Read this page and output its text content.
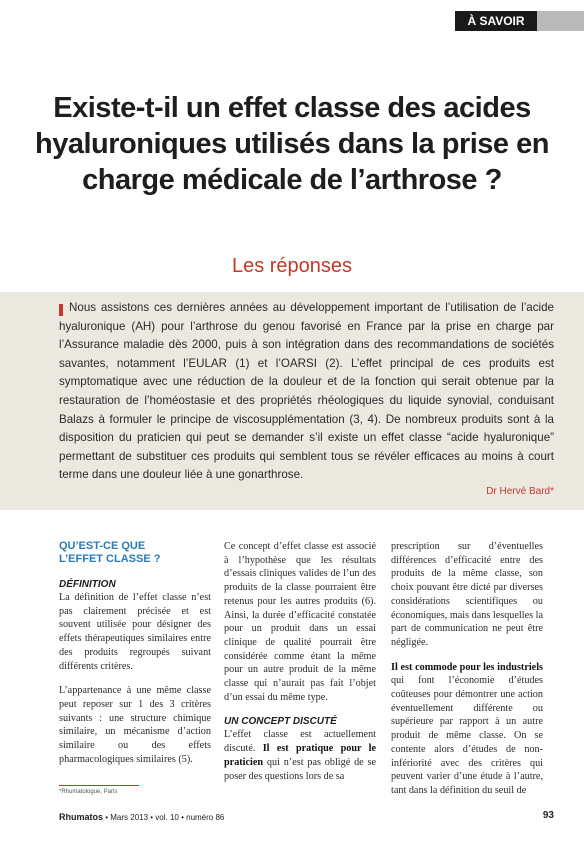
À SAVOIR
Existe-t-il un effet classe des acides hyaluroniques utilisés dans la prise en charge médicale de l’arthrose ?
Les réponses

Nous assistons ces dernières années au développement important de l’utilisation de l’acide hyaluronique (AH) pour l’arthrose du genou favorisé en France par la prise en charge par l’Assurance maladie dès 2000, puis à son intégration dans des recommandations de sociétés savantes, notamment l’EULAR (1) et l’OARSI (2). L’effet principal de ces produits est symptomatique avec une réduction de la douleur et de la fonction qui serait obtenue par la restauration de l’homéostasie et des propriétés rhéologiques du liquide synovial, conduisant Balazs à formuler le principe de viscosupplémentation (3, 4). De nombreux produits sont à la disposition du praticien qui peut se demander s’il existe un effet classe “acide hyaluronique” permettant de substituer ces produits qui semblent tous se révéler efficaces au moins à court terme dans une douleur liée à une gonarthrose.

Dr Hervé Bard*
QU’EST-CE QUE
L’EFFET CLASSE ?
DÉFINITION

La définition de l’effet classe n’est pas clairement précisée et est souvent utilisée pour désigner des effets thérapeutiques similaires entre des produits regroupés suivant différents critères.

L’appartenance à une même classe peut reposer sur 1 des 3 critères suivants : une structure chimique similaire, un mécanisme d’action similaire ou des effets pharmacologiques similaires (5).

Ce concept d’effet classe est associé à l’hypothèse que les résultats d’essais cliniques valides de l’un des produits de la classe pourraient être retenus pour les autres produits (6). Ainsi, la durée d’efficacité constatée pour un produit dans un essai clinique de qualité pourrait être considérée comme étant la même pour un autre produit de la même classe qui n’aurait pas fait l’objet d’un essai du même type.

UN CONCEPT DISCUTÉ

L’effet classe est actuellement discuté. Il est pratique pour le praticien qui n’est pas obligé de se poser des questions lors de sa

prescription sur d’éventuelles différences d’efficacité entre des produits de la même classe, son choix pouvant être dicté par diverses considérations scientifiques ou économiques, mais dans lesquelles la part de communication ne peut être négligée.

Il est commode pour les industriels qui font l’économie d’études coûteuses pour démontrer une action éventuellement différente ou supérieure par rapport à un autre produit de même classe. On se contente alors d’études de non-infériorité avec des critères qui peuvent varier d’une étude à l’autre, tant dans la définition du seuil de

*Rhumatologue, Paris
Rhumatos • Mars 2013 • vol. 10 • numéro 86	93
